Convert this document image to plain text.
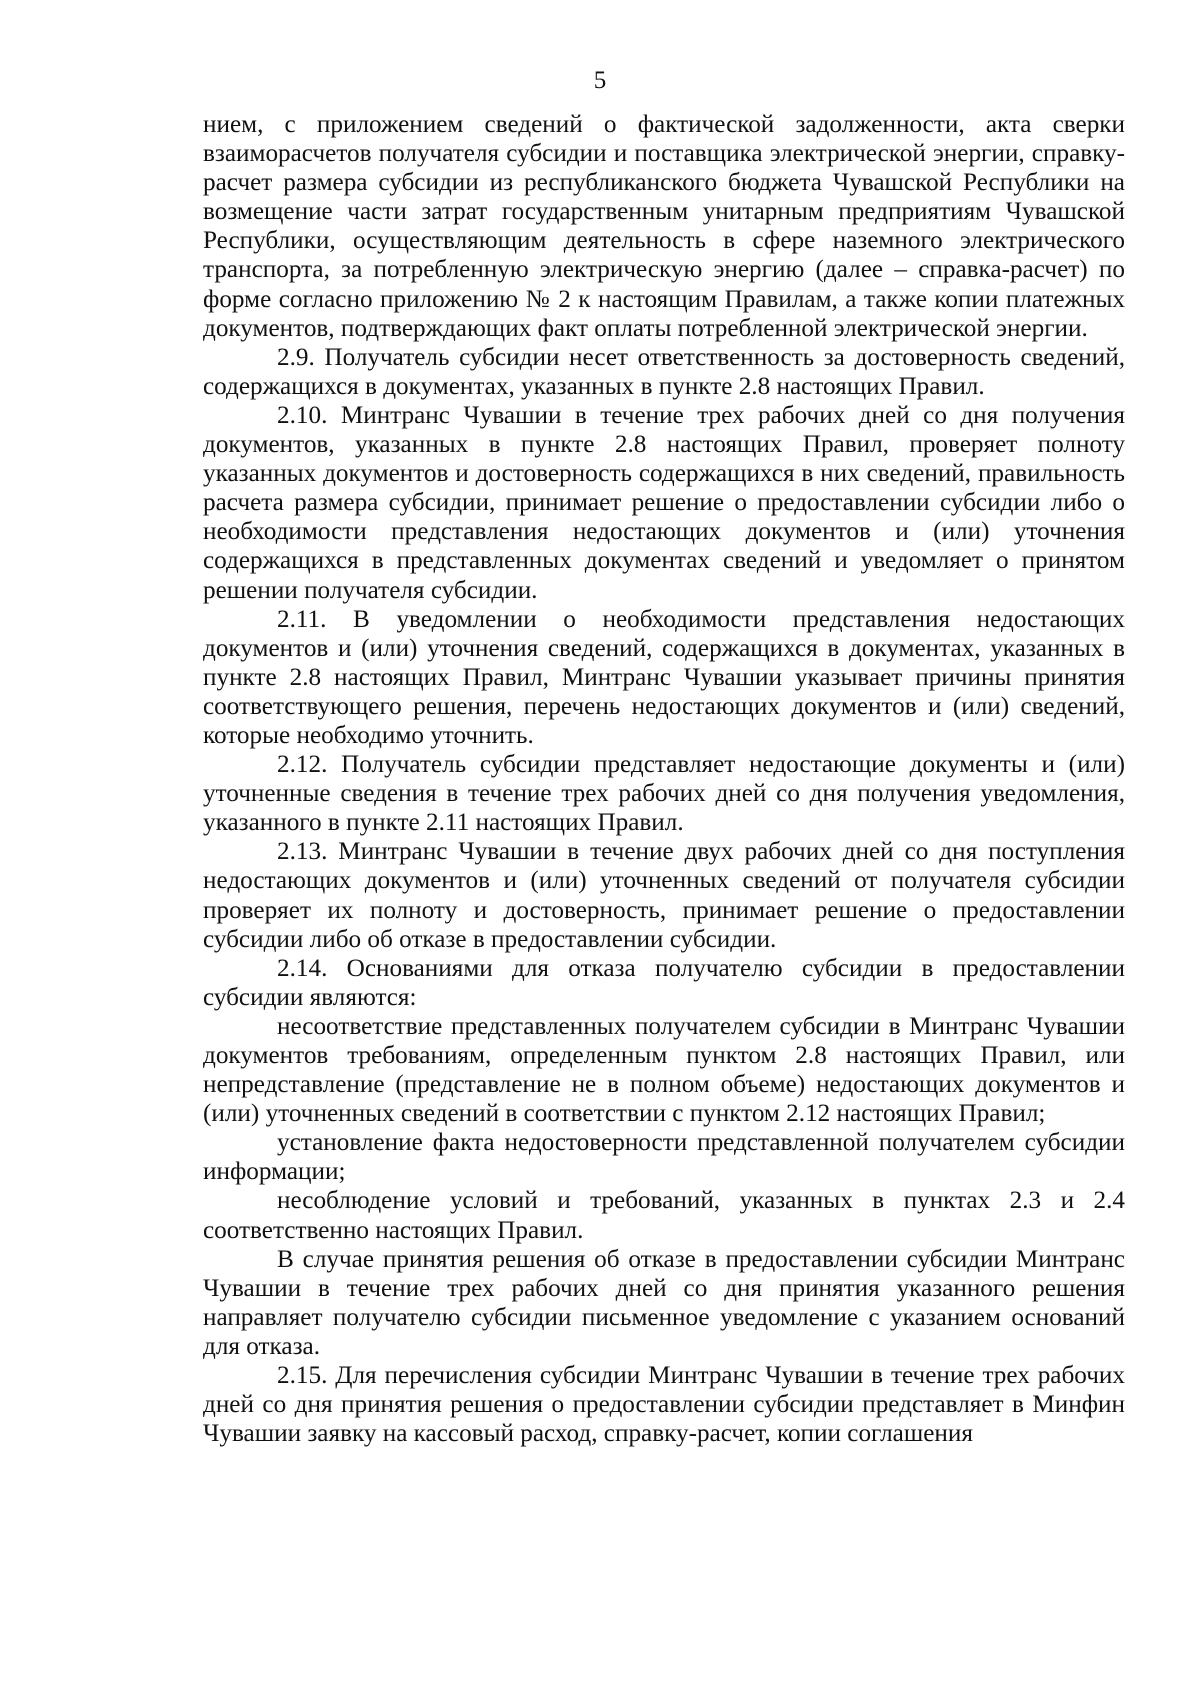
5

нием, с приложением сведений о фактической задолженности, акта сверки взаиморасчетов получателя субсидии и поставщика электрической энергии, справку-расчет размера субсидии из республиканского бюджета Чувашской Республики на возмещение части затрат государственным унитарным предприятиям Чувашской Республики, осуществляющим деятельность в сфере наземного электрического транспорта, за потребленную электрическую энергию (далее – справка-расчет) по форме согласно приложению № 2 к настоящим Правилам, а также копии платежных документов, подтверждающих факт оплаты потребленной электрической энергии.

2.9. Получатель субсидии несет ответственность за достоверность сведений, содержащихся в документах, указанных в пункте 2.8 настоящих Правил.

2.10. Минтранс Чувашии в течение трех рабочих дней со дня получения документов, указанных в пункте 2.8 настоящих Правил, проверяет полноту указанных документов и достоверность содержащихся в них сведений, правильность расчета размера субсидии, принимает решение о предоставлении субсидии либо о необходимости представления недостающих документов и (или) уточнения содержащихся в представленных документах сведений и уведомляет о принятом решении получателя субсидии.

2.11. В уведомлении о необходимости представления недостающих документов и (или) уточнения сведений, содержащихся в документах, указанных в пункте 2.8 настоящих Правил, Минтранс Чувашии указывает причины принятия соответствующего решения, перечень недостающих документов и (или) сведений, которые необходимо уточнить.

2.12. Получатель субсидии представляет недостающие документы и (или) уточненные сведения в течение трех рабочих дней со дня получения уведомления, указанного в пункте 2.11 настоящих Правил.

2.13. Минтранс Чувашии в течение двух рабочих дней со дня поступления недостающих документов и (или) уточненных сведений от получателя субсидии проверяет их полноту и достоверность, принимает решение о предоставлении субсидии либо об отказе в предоставлении субсидии.

2.14. Основаниями для отказа получателю субсидии в предоставлении субсидии являются:

несоответствие представленных получателем субсидии в Минтранс Чувашии документов требованиям, определенным пунктом 2.8 настоящих Правил, или непредставление (представление не в полном объеме) недостающих документов и (или) уточненных сведений в соответствии с пунктом 2.12 настоящих Правил;

установление факта недостоверности представленной получателем субсидии информации;

несоблюдение условий и требований, указанных в пунктах 2.3 и 2.4 соответственно настоящих Правил.

В случае принятия решения об отказе в предоставлении субсидии Минтранс Чувашии в течение трех рабочих дней со дня принятия указанного решения направляет получателю субсидии письменное уведомление с указанием оснований для отказа.

2.15. Для перечисления субсидии Минтранс Чувашии в течение трех рабочих дней со дня принятия решения о предоставлении субсидии представляет в Минфин Чувашии заявку на кассовый расход, справку-расчет, копии соглашения
